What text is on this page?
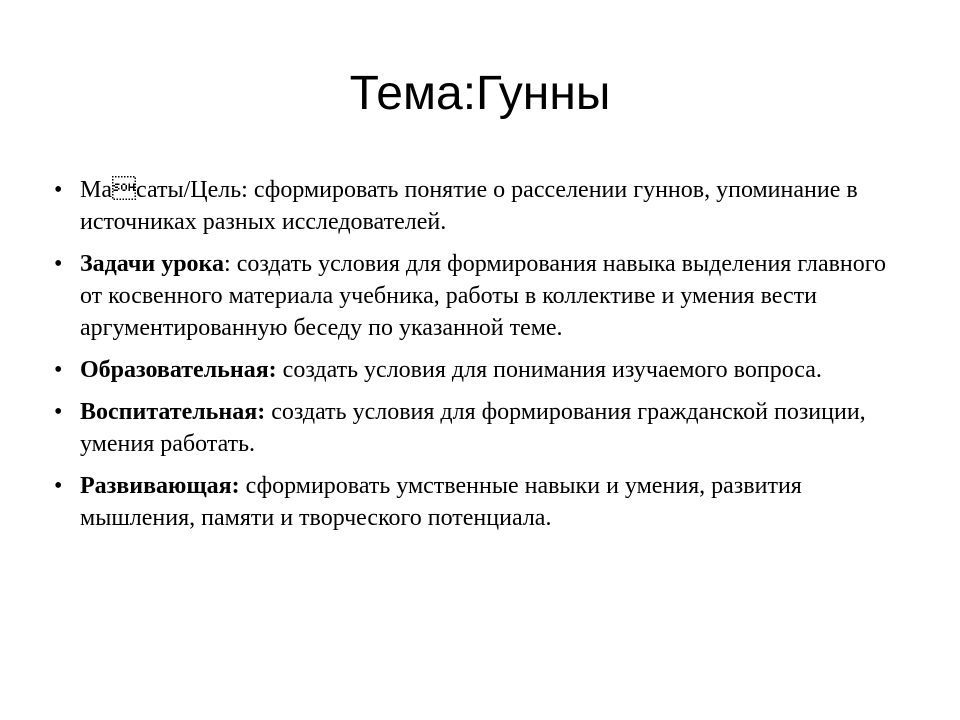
Тема:Гунны
• Масаты/Цель: сформировать понятие о расселении гуннов, упоминание в источниках разных исследователей.
• Задачи урока: создать условия для формирования навыка выделения главного от косвенного материала учебника, работы в коллективе и умения вести аргументированную беседу по указанной теме.
• Образовательная: создать условия для понимания изучаемого вопроса.
• Воспитательная: создать условия для формирования гражданской позиции, умения работать.
• Развивающая: сформировать умственные навыки и умения, развития мышления, памяти и творческого потенциала.
